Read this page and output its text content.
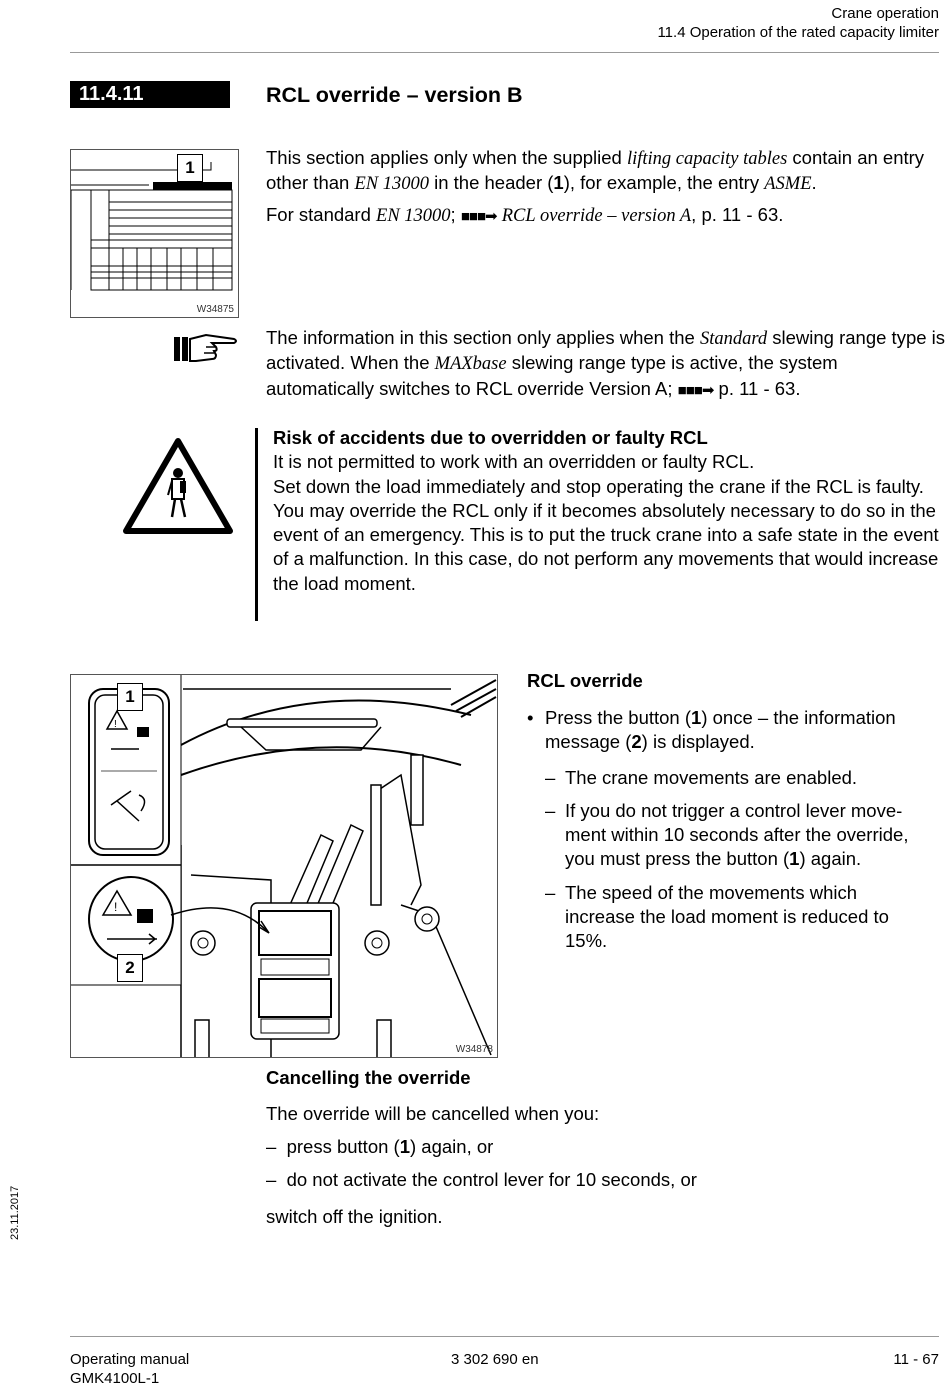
Crane operation
11.4 Operation of the rated capacity limiter
11.4.11	RCL override – version B
1
W34875
This section applies only when the supplied lifting capacity tables contain an entry other than EN 13000 in the header (1), for example, the entry ASME.
For standard EN 13000; ■■■➡ RCL override – version A, p. 11 - 63.
The information in this section only applies when the Standard slewing range type is activated. When the MAXbase slewing range type is active, the system automatically switches to RCL override Version A; ■■■➡ p. 11 - 63.
Risk of accidents due to overridden or faulty RCL
It is not permitted to work with an overridden or faulty RCL.
Set down the load immediately and stop operating the crane if the RCL is faulty.
You may override the RCL only if it becomes absolutely necessary to do so in the event of an emergency. This is to put the truck crane into a safe state in the event of a malfunction. In this case, do not perform any movements that would increase the load moment.
!
!
1
2
W34878
RCL override
• Press the button (1) once – the information message (2) is displayed.
– The crane movements are enabled.
– If you do not trigger a control lever move-ment within 10 seconds after the override, you must press the button (1) again.
– The speed of the movements which increase the load moment is reduced to 15%.
Cancelling the override
The override will be cancelled when you:
–  press button (1) again, or
–  do not activate the control lever for 10 seconds, or
switch off the ignition.
23.11.2017
Operating manual
GMK4100L-1
3 302 690 en	11 - 67
